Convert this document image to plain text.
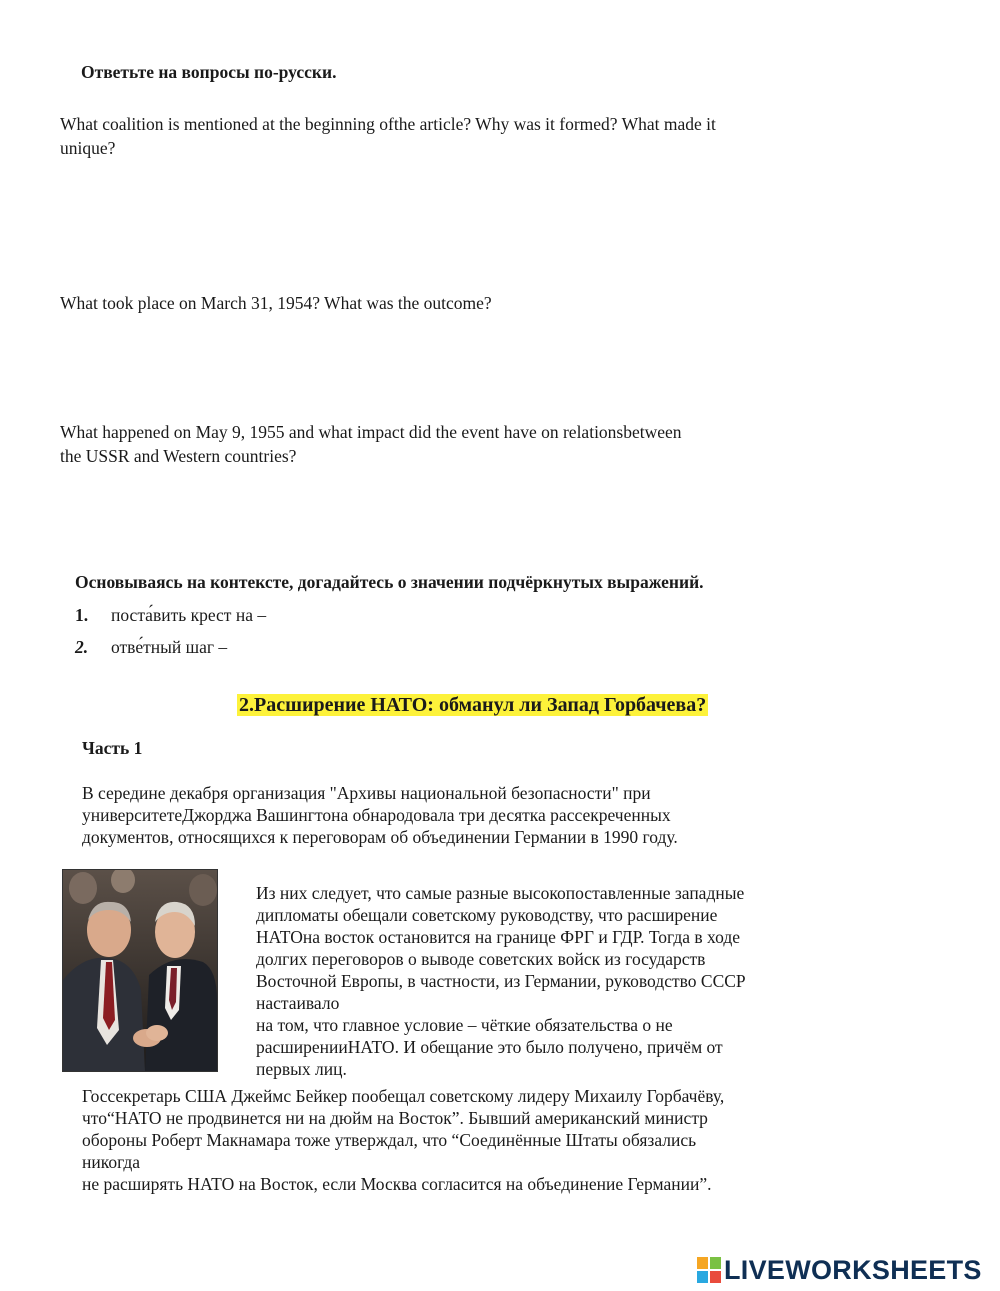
Ответьте на вопросы по-русски.
What coalition is mentioned at the beginning ofthe article? Why was it formed? What made it
unique?
What took place on March 31, 1954? What was the outcome?
What happened on May 9, 1955 and what impact did the event have on relationsbetween
the USSR and Western countries?
Основываясь на контексте, догадайтесь о значении подчёркнутых выражений.
1. поста́вить крест на –
2. отве́тный шаг –
2.Расширение НАТО: обманул ли Запад Горбачева?
Часть 1
В середине декабря организация "Архивы национальной безопасности" при
университетеДжорджа Вашингтона обнародовала три десятка рассекреченных
документов, относящихся к переговорам об объединении Германии в 1990 году.
Из них следует, что самые разные высокопоставленные западные
дипломаты обещали советскому руководству, что расширение
НАТОна восток остановится на границе ФРГ и ГДР. Тогда в ходе
долгих переговоров о выводе советских войск из государств
Восточной Европы, в частности, из Германии, руководство СССР
настаивало
на том, что главное условие – чёткие обязательства о не
расширенииНАТО. И обещание это было получено, причём от
первых лиц.
Госсекретарь США Джеймс Бейкер пообещал советскому лидеру Михаилу Горбачёву,
что“НАТО не продвинется ни на дюйм на Восток”. Бывший американский министр
обороны Роберт Макнамара тоже утверждал, что “Соединённые Штаты обязались
никогда
не расширять НАТО на Восток, если Москва согласится на объединение Германии”.
LIVEWORKSHEETS
